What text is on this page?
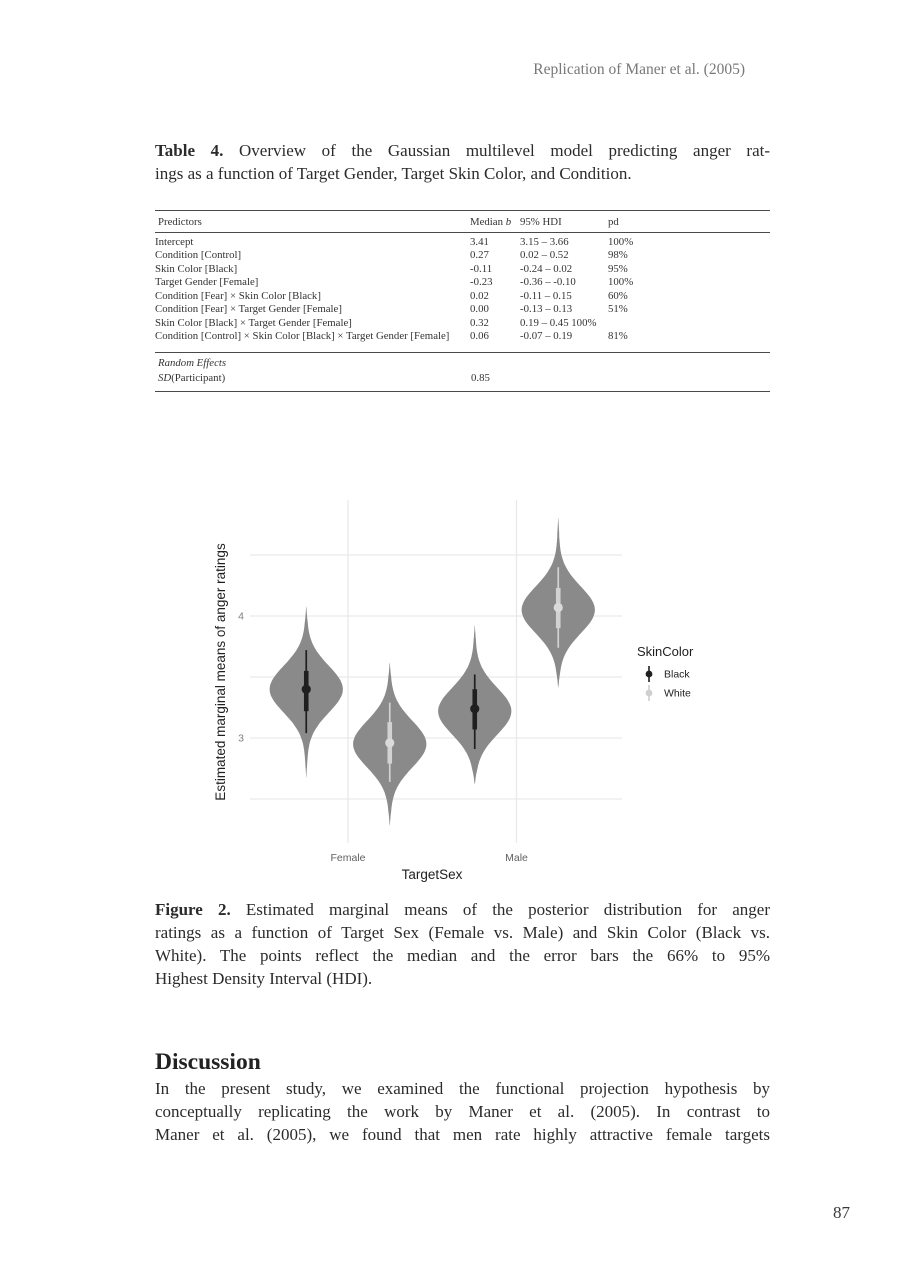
Replication of Maner et al. (2005)
Table 4. Overview of the Gaussian multilevel model predicting anger rat-
ings as a function of Target Gender, Target Skin Color, and Condition.
Predictors	Median b	95% HDI	pd
Intercept	3.41	3.15 – 3.66	100%
Condition [Control]	0.27	0.02 – 0.52	98%
Skin Color [Black]	-0.11	-0.24 – 0.02	95%
Target Gender [Female]	-0.23	-0.36 – -0.10	100%
Condition [Fear] × Skin Color [Black]	0.02	-0.11 – 0.15	60%
Condition [Fear] × Target Gender [Female]	0.00	-0.13 – 0.13	51%
Skin Color [Black] × Target Gender [Female]	0.32	0.19 – 0.45 100%	
Condition [Control] × Skin Color [Black] × Target Gender [Female]	0.06	-0.07 – 0.19	81%
Random Effects			
SD(Participant)	0.85		
3
4
Female	Male
TargetSex
Estimated marginal means of anger ratings	SkinColor
Black
White
Figure 2. Estimated marginal means of the posterior distribution for anger
ratings as a function of Target Sex (Female vs. Male) and Skin Color (Black vs.
White). The points reflect the median and the error bars the 66% to 95%
Highest Density Interval (HDI).
Discussion
In the present study, we examined the functional projection hypothesis by
conceptually replicating the work by Maner et al. (2005). In contrast to
Maner et al. (2005), we found that men rate highly attractive female targets
87
